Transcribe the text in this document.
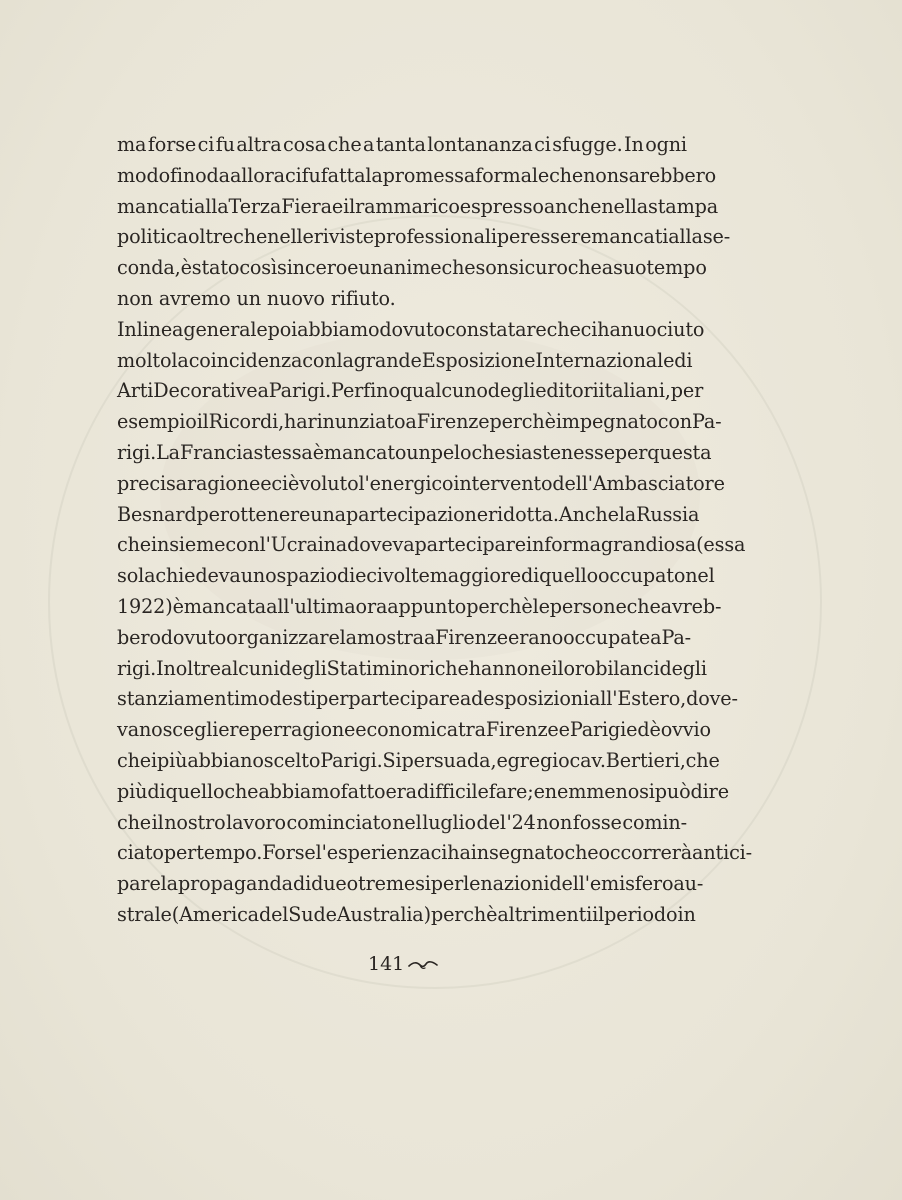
ma forse ci fu altra cosa che a tanta lontananza ci sfugge. In ogni
modo fino da allora ci fu fatta la promessa formale che non sarebbero
mancati alla Terza Fiera e il rammarico espresso anche nella stampa
politica oltre che nelle riviste professionali per essere mancati alla se-
conda, è stato così sincero e unanime che son sicuro che a suo tempo
non avremo un nuovo rifiuto.
In linea generale poi abbiamo dovuto constatare che ci ha nuociuto
molto la coincidenza con la grande Esposizione Internazionale di
Arti Decorative a Parigi. Perfino qualcuno degli editori italiani, per
esempio il Ricordi, ha rinunziato a Firenze perchè impegnato con Pa-
rigi. La Francia stessa è mancato un pelo che si astenesse per questa
precisa ragione e ci è voluto l'energico intervento dell'Ambasciatore
Besnard per ottenere una partecipazione ridotta. Anche la Russia
che insieme con l'Ucraina doveva partecipare in forma grandiosa (essa
sola chiedeva uno spazio dieci volte maggiore di quello occupato nel
1922) è mancata all'ultima ora appunto perchè le persone che avreb-
bero dovuto organizzare la mostra a Firenze erano occupate a Pa-
rigi. Inoltre alcuni degli Stati minori che hanno nei loro bilanci degli
stanziamenti modesti per partecipare ad esposizioni all'Estero, dove-
vano scegliere per ragione economica tra Firenze e Parigi ed è ovvio
che i più abbiano scelto Parigi. Si persuada, egregio cav. Bertieri, che
più di quello che abbiamo fatto era difficile fare; e nemmeno si può dire
che il nostro lavoro cominciato nel luglio del '24 non fosse comin-
ciato per tempo. Forse l'esperienza ci ha insegnato che occorrerà antici-
pare la propaganda di due o tre mesi per le nazioni dell'emisfero au-
strale (America del Sud e Australia) perchè altrimenti il periodo in
141
